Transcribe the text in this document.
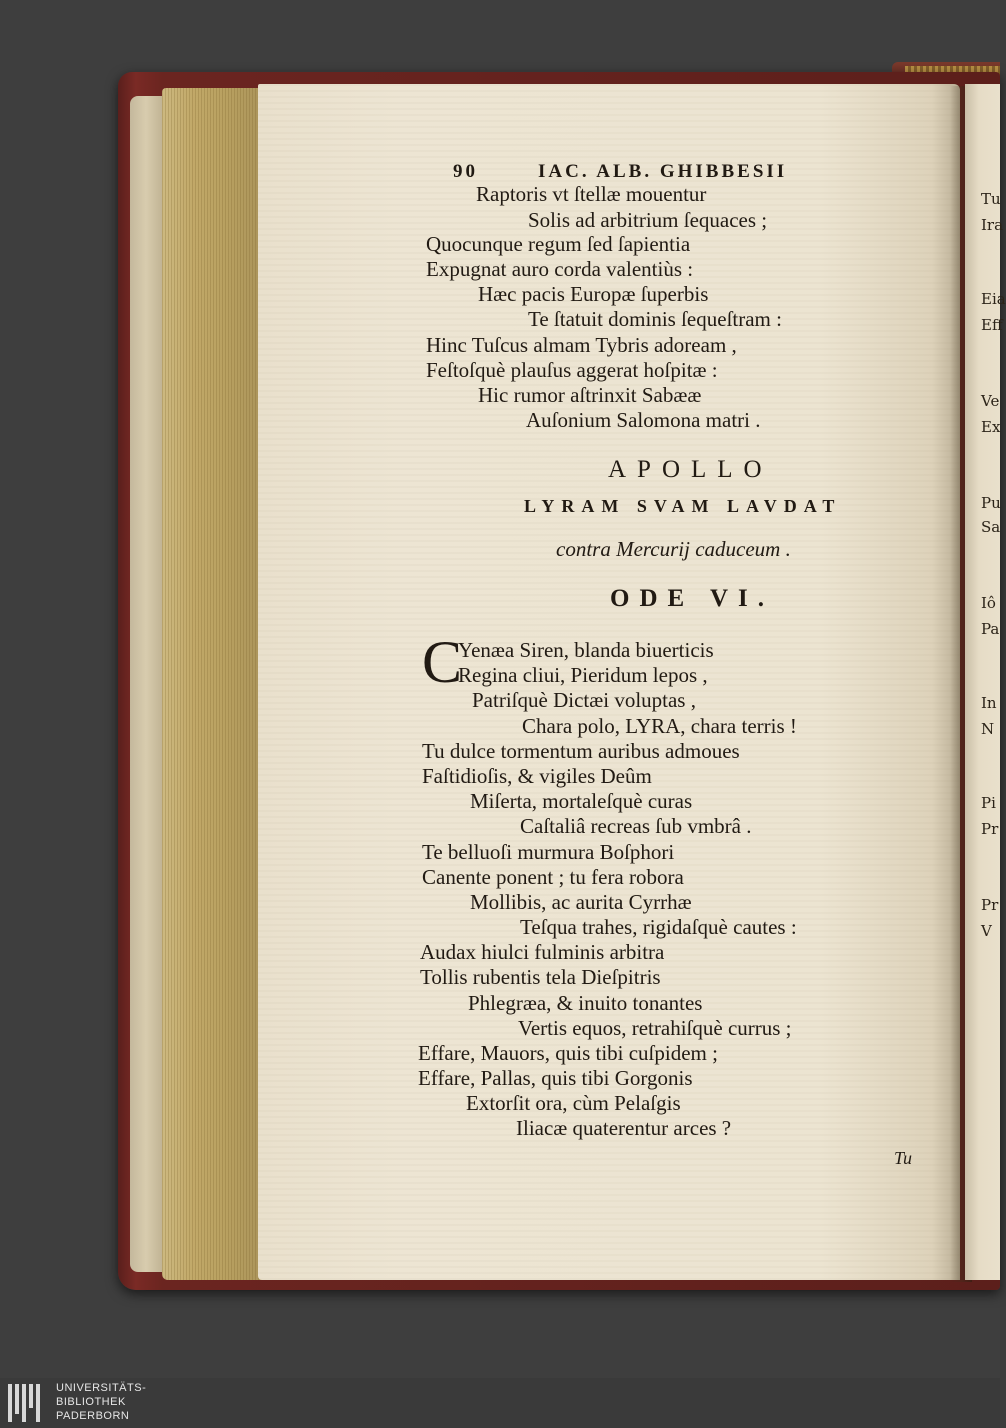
90	IAC. ALB. GHIBBESII
Raptoris vt ſtellæ mouentur
Solis ad arbitrium ſequaces ;
Quocunque regum ſed ſapientia
Expugnat auro corda valentiùs :
Hæc pacis Europæ ſuperbis
Te ſtatuit dominis ſequeſtram :
Hinc Tuſcus almam Tybris adoream ,
Feſtoſquè plauſus aggerat hoſpitæ :
Hic rumor aſtrinxit Sabææ
Auſonium Salomona matri .
APOLLO
LYRAM SVAM LAVDAT
contra Mercurij caduceum .
ODE VI.
C
Yenæa Siren, blanda biuerticis
Regina cliui, Pieridum lepos ,
Patriſquè Dictæi voluptas ,
Chara polo, LYRA, chara terris !
Tu dulce tormentum auribus admoues
Faſtidioſis, & vigiles Deûm
Miſerta, mortaleſquè curas
Caſtaliâ recreas ſub vmbrâ .
Te belluoſi murmura Boſphori
Canente ponent ; tu fera robora
Mollibis, ac aurita Cyrrhæ
Teſqua trahes, rigidaſquè cautes :
Audax hiulci fulminis arbitra
Tollis rubentis tela Dieſpitris
Phlegræa, & inuito tonantes
Vertis equos, retrahiſquè currus ;
Effare, Mauors, quis tibi cuſpidem ;
Effare, Pallas, quis tibi Gorgonis
Extorſit ora, cùm Pelaſgis
Iliacæ quaterentur arces ?
Tu
Tu
Ira
Eia
Eff
Ve
Ex
Pu
Sa
Iô
Pa
In
N
Pi
Pr
Pr
V
UNIVERSITÄTS-
BIBLIOTHEK
PADERBORN
